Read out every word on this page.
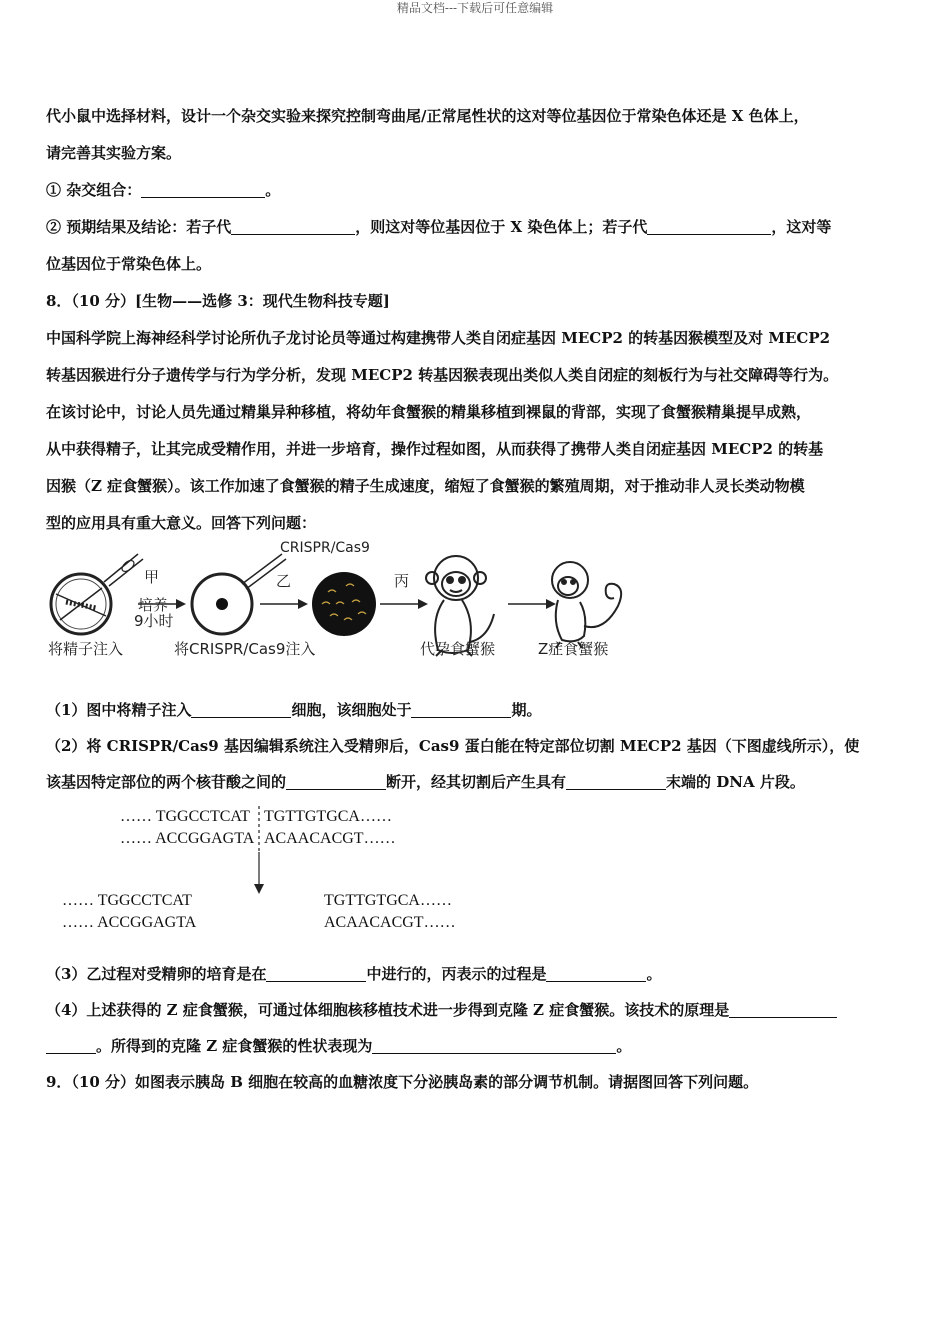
精品文档---下载后可任意编辑
代小鼠中选择材料，设计一个杂交实验来探究控制弯曲尾/正常尾性状的这对等位基因位于常染色体还是 X 色体上，
请完善其实验方案。
① 杂交组合：	。
② 预期结果及结论：若子代	，则这对等位基因位于 X 染色体上；若子代	，这对等
位基因位于常染色体上。
8．（10 分）[生物——选修 3：现代生物科技专题]
中国科学院上海神经科学讨论所仇子龙讨论员等通过构建携带人类自闭症基因 MECP2 的转基因猴模型及对 MECP2
转基因猴进行分子遗传学与行为学分析，发现 MECP2 转基因猴表现出类似人类自闭症的刻板行为与社交障碍等行为。
在该讨论中，讨论人员先通过精巢异种移植，将幼年食蟹猴的精巢移植到裸鼠的背部，实现了食蟹猴精巢提早成熟，
从中获得精子，让其完成受精作用，并进一步培育，操作过程如图，从而获得了携带人类自闭症基因 MECP2 的转基
因猴（Z 症食蟹猴）。该工作加速了食蟹猴的精子生成速度，缩短了食蟹猴的繁殖周期，对于推动非人灵长类动物模
型的应用具有重大意义。回答下列问题：
CRISPR/Cas9
甲
培养
9小时
乙	丙
将精子注入	将CRISPR/Cas9注入	代孕食蟹猴	Z症食蟹猴
（1）图中将精子注入	细胞，该细胞处于	期。
（2）将 CRISPR/Cas9 基因编辑系统注入受精卵后，Cas9 蛋白能在特定部位切割 MECP2 基因（下图虚线所示），使
该基因特定部位的两个核苷酸之间的	断开，经其切割后产生具有	末端的 DNA 片段。
…… TGGCCTCAT TGTTGTGCA……
…… ACCGGAGTA ACAACACGT……
…… TGGCCTCAT
…… ACCGGAGTA
TGTTGTGCA……
ACAACACGT……
（3）乙过程对受精卵的培育是在	中进行的，丙表示的过程是	。
（4）上述获得的 Z 症食蟹猴，可通过体细胞核移植技术进一步得到克隆 Z 症食蟹猴。该技术的原理是
。所得到的克隆 Z 症食蟹猴的性状表现为	。
9．（10 分）如图表示胰岛 B 细胞在较高的血糖浓度下分泌胰岛素的部分调节机制。请据图回答下列问题。
